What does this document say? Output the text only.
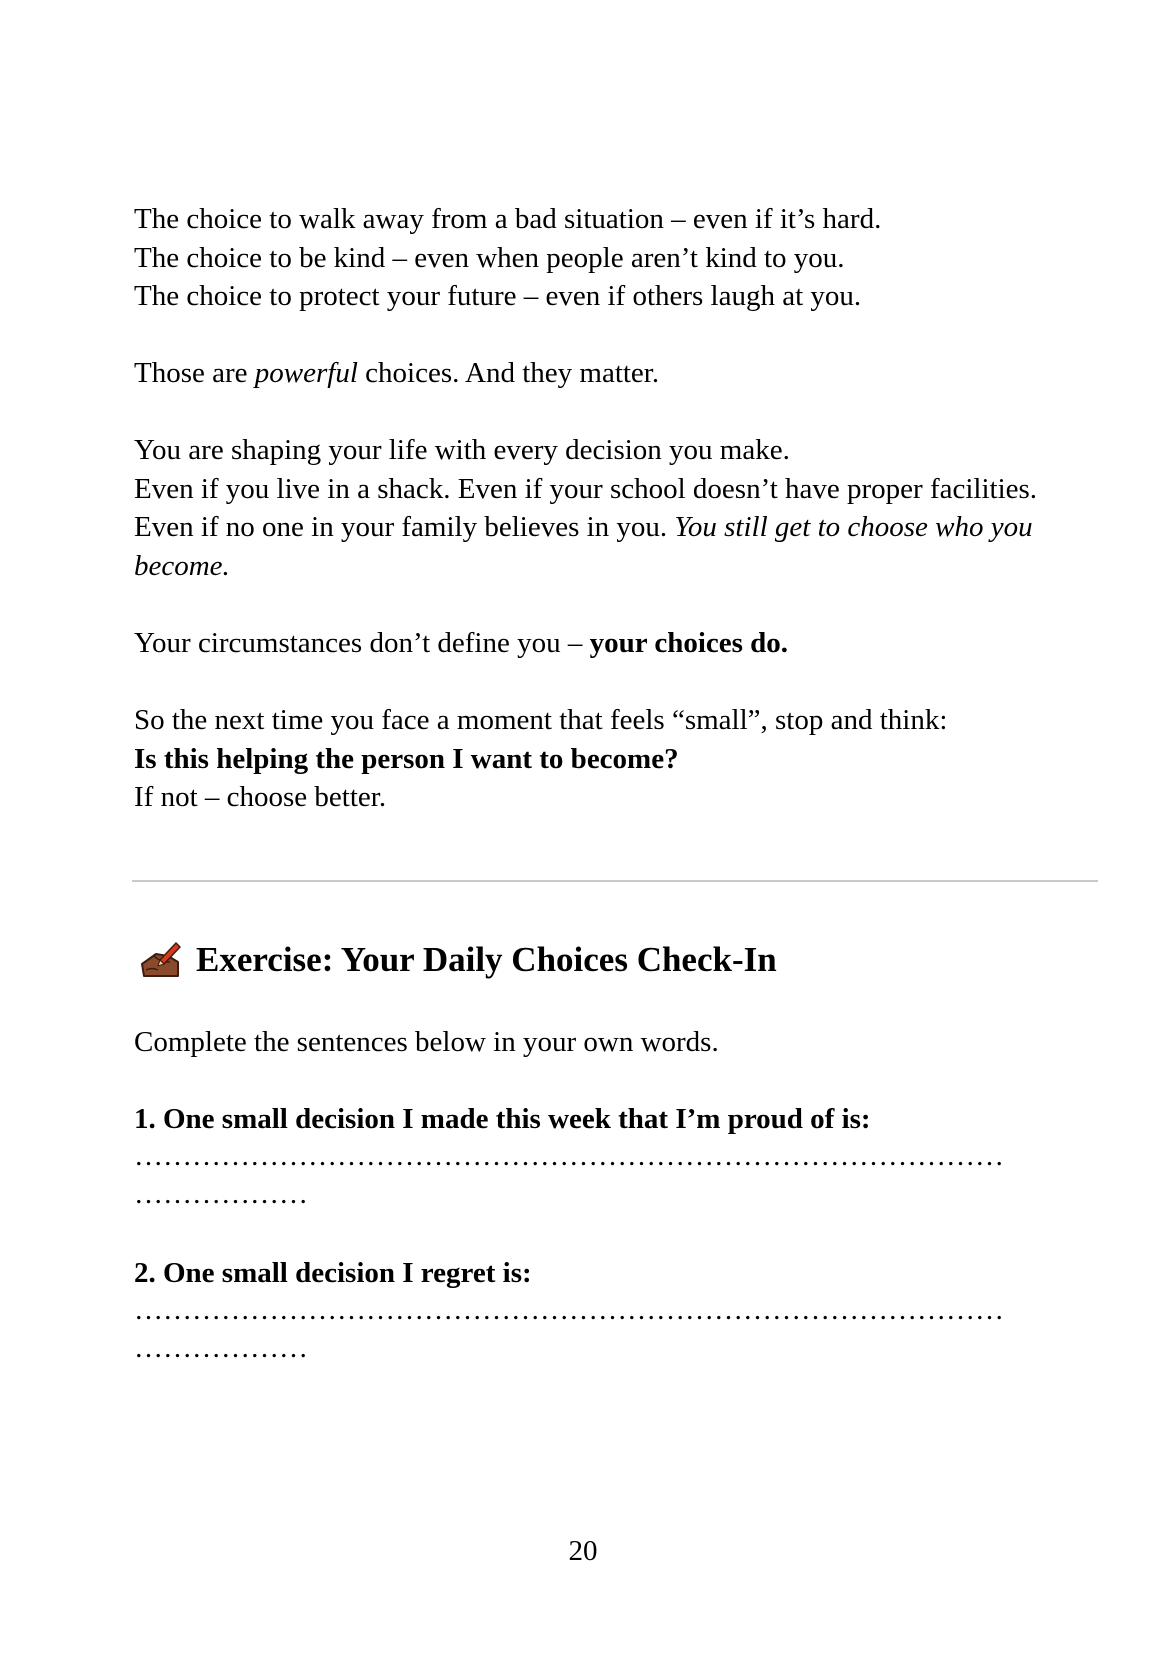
The choice to walk away from a bad situation – even if it’s hard.
The choice to be kind – even when people aren’t kind to you.
The choice to protect your future – even if others laugh at you.

Those are powerful choices. And they matter.

You are shaping your life with every decision you make.
Even if you live in a shack. Even if your school doesn’t have proper facilities. Even if no one in your family believes in you. You still get to choose who you become.

Your circumstances don’t define you – your choices do.

So the next time you face a moment that feels “small”, stop and think:
Is this helping the person I want to become?
If not – choose better.

Exercise: Your Daily Choices Check-In

Complete the sentences below in your own words.

1. One small decision I made this week that I’m proud of is:
………………………………………………………………………………
………………
2. One small decision I regret is:
………………………………………………………………………………
………………
20
